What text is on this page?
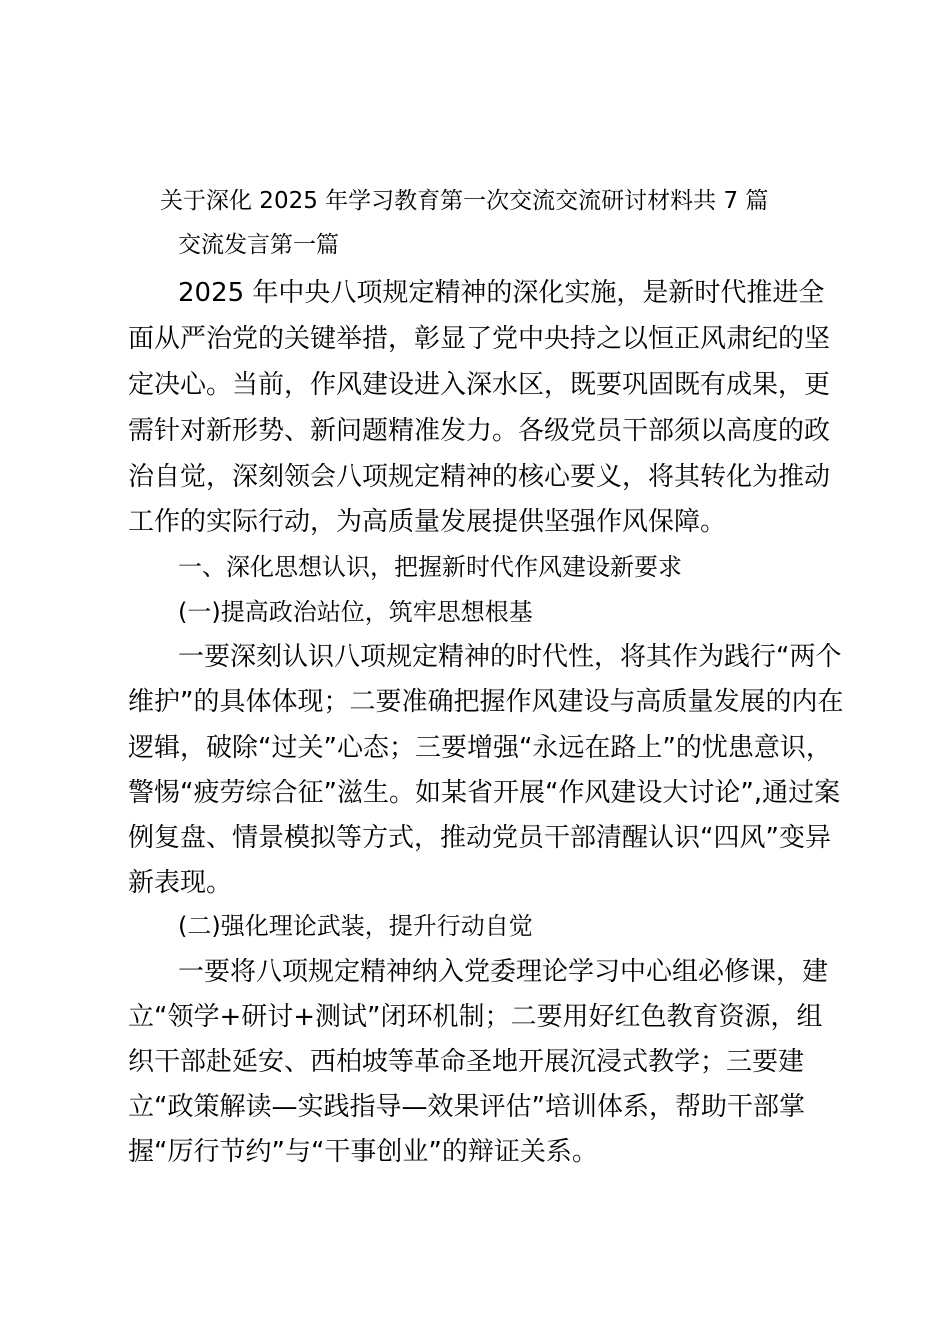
关于深化 2025 年学习教育第一次交流交流研讨材料共 7 篇

交流发言第一篇

2025 年中央八项规定精神的深化实施，是新时代推进全

面从严治党的关键举措，彰显了党中央持之以恒正风肃纪的坚

定决心。当前，作风建设进入深水区，既要巩固既有成果，更

需针对新形势、新问题精准发力。各级党员干部须以高度的政

治自觉，深刻领会八项规定精神的核心要义，将其转化为推动

工作的实际行动，为高质量发展提供坚强作风保障。

一、深化思想认识，把握新时代作风建设新要求

(一)提高政治站位，筑牢思想根基

一要深刻认识八项规定精神的时代性，将其作为践行“两个

维护”的具体体现；二要准确把握作风建设与高质量发展的内在

逻辑，破除“过关”心态；三要增强“永远在路上”的忧患意识，

警惕“疲劳综合征”滋生。如某省开展“作风建设大讨论”,通过案

例复盘、情景模拟等方式，推动党员干部清醒认识“四风”变异

新表现。

(二)强化理论武装，提升行动自觉

一要将八项规定精神纳入党委理论学习中心组必修课，建

立“领学+研讨+测试”闭环机制；二要用好红色教育资源，组

织干部赴延安、西柏坡等革命圣地开展沉浸式教学；三要建

立“政策解读—实践指导—效果评估”培训体系，帮助干部掌

握“厉行节约”与“干事创业”的辩证关系。
